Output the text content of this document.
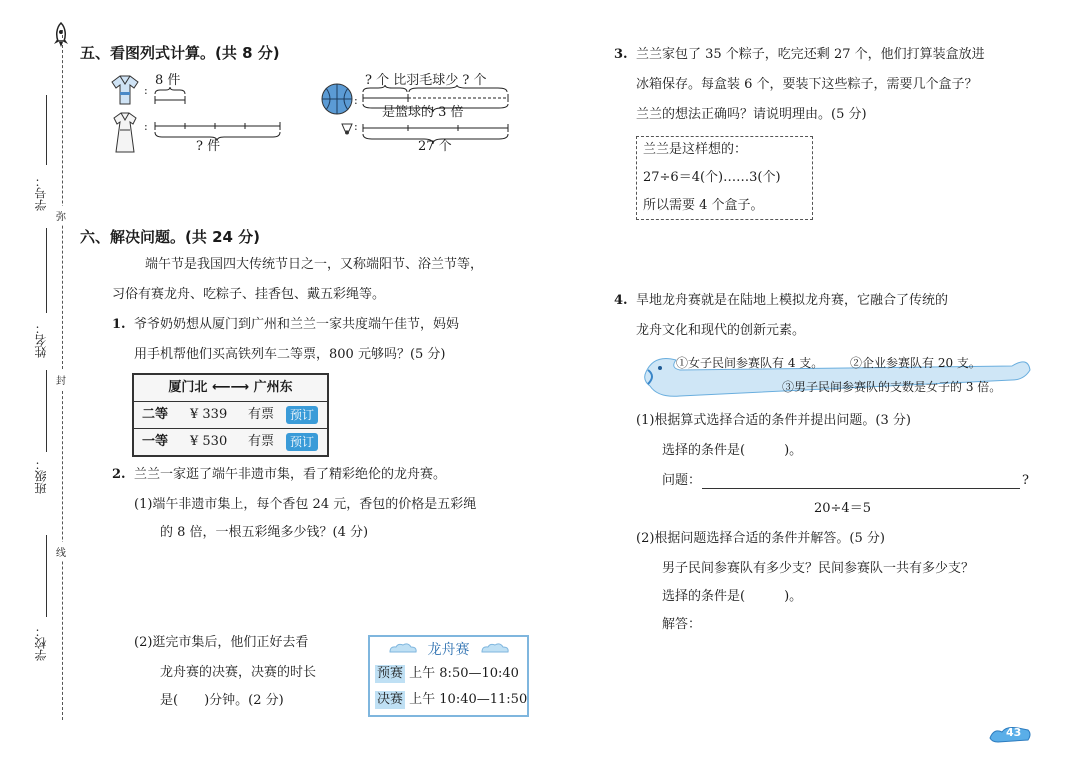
学号：
姓名：
班级：
学校：
弥
封
线
五、看图列式计算。(共 8 分)
:
:
8 件
? 件
:
:
? 个 比羽毛球少 ? 个
是篮球的 3 倍
27 个
六、解决问题。(共 24 分)
端午节是我国四大传统节日之一，又称端阳节、浴兰节等，
习俗有赛龙舟、吃粽子、挂香包、戴五彩绳等。
1. 爷爷奶奶想从厦门到广州和兰兰一家共度端午佳节，妈妈
用手机帮他们买高铁列车二等票，800 元够吗？(5 分)
厦门北 ⟵⟶ 广州东
二等 ¥ 339 有票	预订
一等 ¥ 530 有票	预订
2. 兰兰一家逛了端午非遗市集，看了精彩绝伦的龙舟赛。
(1)端午非遗市集上，每个香包 24 元，香包的价格是五彩绳
的 8 倍，一根五彩绳多少钱？(4 分)
(2)逛完市集后，他们正好去看
龙舟赛的决赛，决赛的时长
是(　　)分钟。(2 分)
龙舟赛
预赛 上午 8:50—10:40
决赛 上午 10:40—11:50
3. 兰兰家包了 35 个粽子，吃完还剩 27 个，他们打算装盒放进
冰箱保存。每盒装 6 个，要装下这些粽子，需要几个盒子？
兰兰的想法正确吗？请说明理由。(5 分)
兰兰是这样想的：
27÷6＝4(个)……3(个)
所以需要 4 个盒子。
4. 旱地龙舟赛就是在陆地上模拟龙舟赛，它融合了传统的
龙舟文化和现代的创新元素。
①女子民间参赛队有 4 支。 ②企业参赛队有 20 支。
③男子民间参赛队的支数是女子的 3 倍。
(1)根据算式选择合适的条件并提出问题。(3 分)
选择的条件是(　　　)。
问题：	?
20÷4＝5
(2)根据问题选择合适的条件并解答。(5 分)
男子民间参赛队有多少支？民间参赛队一共有多少支？
选择的条件是(　　　)。
解答：
43
